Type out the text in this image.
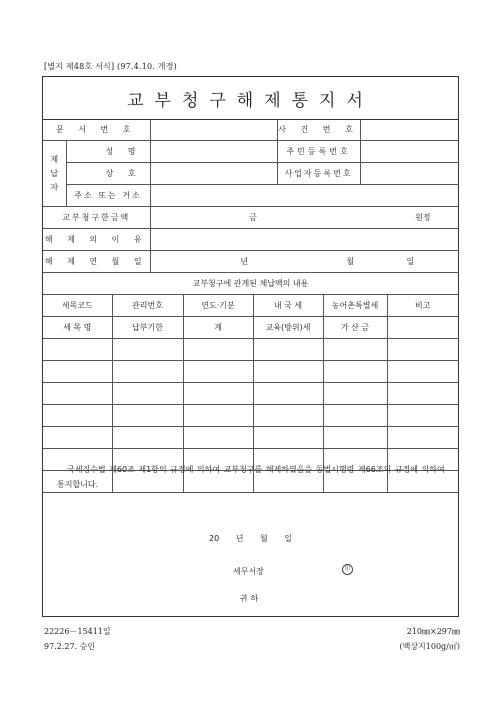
[별지 제48호 서식] (97.4.10. 개정)
교부청구해제통지서
문 서 번 호						사 건 번 호			

제 납 자	성 명					주민등록번호			
	상 호					사업자등록번호			
	주소 또는 거소								
교부청구한금액			금 원정						
해 제 의 이 유									
해 제 연 월 일			년 월 일						
교부청구에 관계된 체납액의 내용									
세목코드		관리번호		연도·기분	내 국 세		농어촌특별세		비고
세 목 명		납부기한		계	교육(방위)세		가 산 금		

국세징수법 제60조 제1항의 규정에 의하여 교부청구를 해제하였음을 동법시행령 제66조의 규정에 의하여 통지합니다.
20 년 월 일
세무서장	印
귀하
22226－15411일
97.2.27. 승인
210㎜×297㎜
(백상지100g/㎡)
